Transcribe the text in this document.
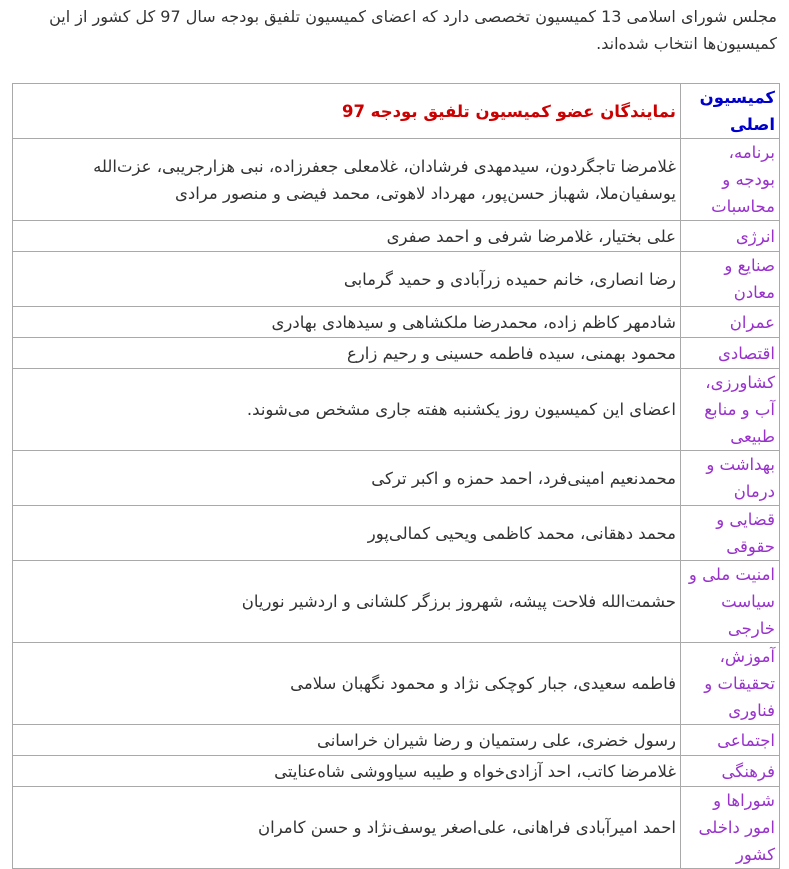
مجلس شورای اسلامی 13 کمیسیون تخصصی دارد که اعضای کمیسیون تلفیق بودجه سال 97 کل کشور از این کمیسیون‌ها انتخاب شده‌اند.

کمیسیون اصلی	نمایندگان عضو کمیسیون تلفیق بودجه 97
برنامه، بودجه و محاسبات	غلامرضا تاجگردون، سیدمهدی فرشادان، غلامعلی جعفرزاده، نبی هزارجریبی، عزت‌الله یوسفیان‌ملا، شهباز حسن‌پور، مهرداد لاهوتی، محمد فیضی و منصور مرادی
انرژی	علی بختیار، غلامرضا شرفی و احمد صفری
صنایع و معادن	رضا انصاری، خانم حمیده زرآبادی و حمید گرمابی
عمران	شادمهر کاظم زاده، محمدرضا ملکشاهی و سیدهادی بهادری
اقتصادی	محمود بهمنی، سیده فاطمه حسینی و رحیم زارع
کشاورزی، آب و منابع طبیعی	اعضای این کمیسیون روز یکشنبه هفته جاری مشخص می‌شوند.
بهداشت و درمان	محمدنعیم امینی‌فرد، احمد حمزه و اکبر ترکی
قضایی و حقوقی	محمد دهقانی، محمد کاظمی ویحیی کمالی‌پور
امنیت ملی و سیاست خارجی	حشمت‌الله فلاحت پیشه، شهروز برزگر کلشانی و اردشیر نوریان
آموزش، تحقیقات و فناوری	فاطمه سعیدی، جبار کوچکی نژاد و محمود نگهبان سلامی
اجتماعی	رسول خضری، علی رستمیان و رضا شیران خراسانی
فرهنگی	غلامرضا کاتب، احد آزادی‌خواه و طیبه سیاووشی شاه‌عنایتی
شوراها و امور داخلی کشور	احمد امیرآبادی فراهانی، علی‌اصغر یوسف‌نژاد و حسن کامران
